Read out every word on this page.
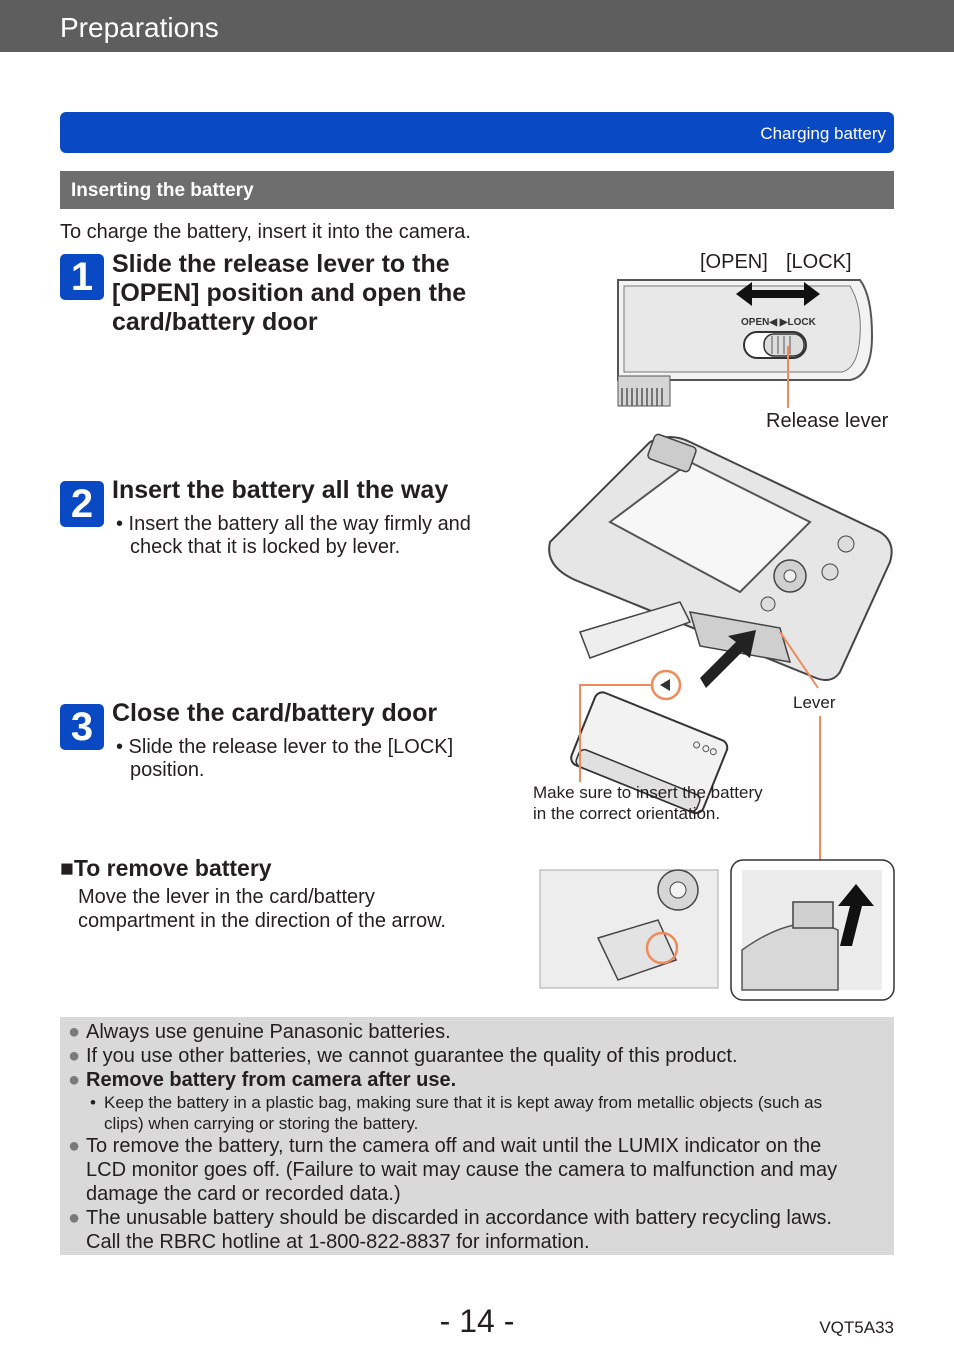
Preparations
Charging battery
Inserting the battery
To charge the battery, insert it into the camera.
1 Slide the release lever to the
[OPEN] position and open the
card/battery door
2 Insert the battery all the way
• Insert the battery all the way firmly and
check that it is locked by lever.
3 Close the card/battery door
• Slide the release lever to the [LOCK]
position.
[OPEN] [LOCK]
OPEN◀ ▶LOCK
Release lever
Lever
Make sure to insert the battery
in the correct orientation.
■To remove battery
Move the lever in the card/battery
compartment in the direction of the arrow.
● Always use genuine Panasonic batteries.
● If you use other batteries, we cannot guarantee the quality of this product.
● Remove battery from camera after use.
• Keep the battery in a plastic bag, making sure that it is kept away from metallic objects (such as
clips) when carrying or storing the battery.
● To remove the battery, turn the camera off and wait until the LUMIX indicator on the
LCD monitor goes off. (Failure to wait may cause the camera to malfunction and may
damage the card or recorded data.)
● The unusable battery should be discarded in accordance with battery recycling laws.
Call the RBRC hotline at 1-800-822-8837 for information.
- 14 -	VQT5A33
